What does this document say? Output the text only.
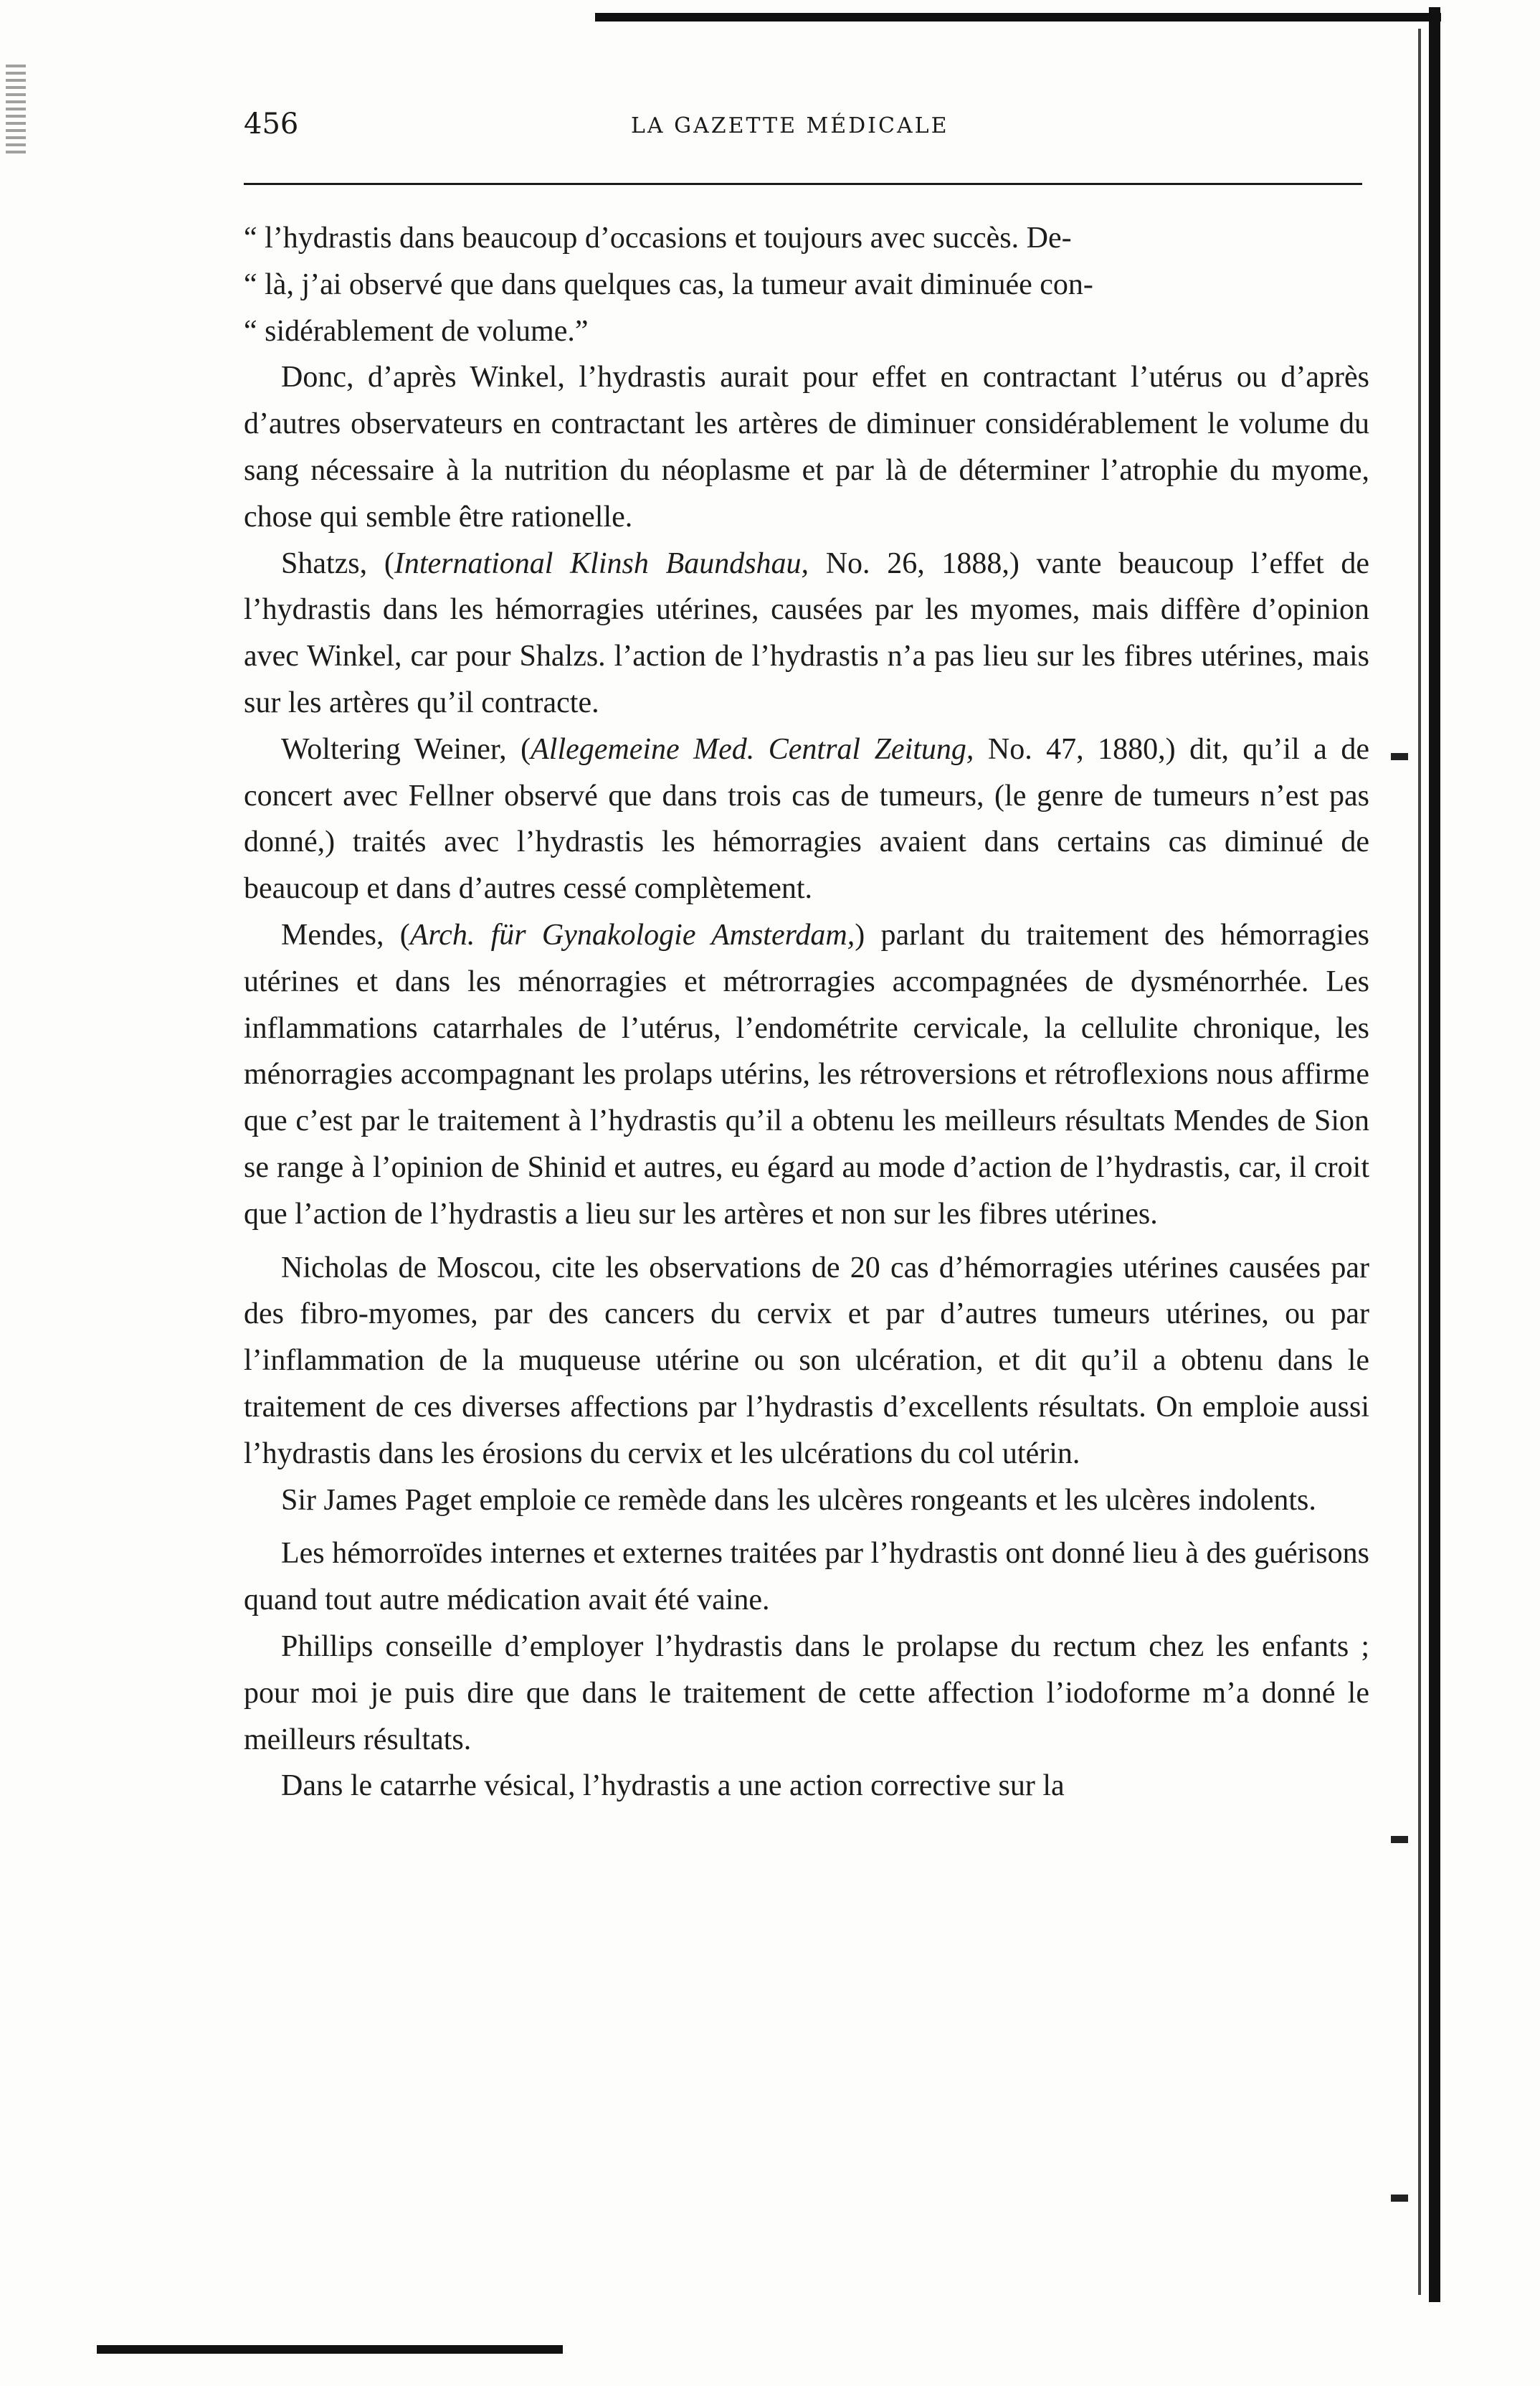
456	LA GAZETTE MÉDICALE

“ l’hydrastis dans beaucoup d’occasions et toujours avec succès. De-

“ là, j’ai observé que dans quelques cas, la tumeur avait diminuée con-

“ sidérablement de volume.”

Donc, d’après Winkel, l’hydrastis aurait pour effet en contractant l’utérus ou d’après d’autres observateurs en contractant les artères de diminuer considérablement le volume du sang nécessaire à la nutrition du néoplasme et par là de déterminer l’atrophie du myome, chose qui semble être rationelle.

Shatzs, (International Klinsh Baundshau, No. 26, 1888,) vante beaucoup l’effet de l’hydrastis dans les hémorragies utérines, causées par les myomes, mais diffère d’opinion avec Winkel, car pour Shalzs. l’action de l’hydrastis n’a pas lieu sur les fibres utérines, mais sur les artères qu’il contracte.

Woltering Weiner, (Allegemeine Med. Central Zeitung, No. 47, 1880,) dit, qu’il a de concert avec Fellner observé que dans trois cas de tumeurs, (le genre de tumeurs n’est pas donné,) traités avec l’hydrastis les hémorragies avaient dans certains cas diminué de beaucoup et dans d’autres cessé complètement.

Mendes, (Arch. für Gynakologie Amsterdam,) parlant du traitement des hémorragies utérines et dans les ménorragies et métrorragies accompagnées de dysménorrhée. Les inflammations catarrhales de l’utérus, l’endométrite cervicale, la cellulite chronique, les ménorragies accompagnant les prolaps utérins, les rétroversions et rétroflexions nous affirme que c’est par le traitement à l’hydrastis qu’il a obtenu les meilleurs résultats Mendes de Sion se range à l’opinion de Shinid et autres, eu égard au mode d’action de l’hydrastis, car, il croit que l’action de l’hydrastis a lieu sur les artères et non sur les fibres utérines.

Nicholas de Moscou, cite les observations de 20 cas d’hémorragies utérines causées par des fibro-myomes, par des cancers du cervix et par d’autres tumeurs utérines, ou par l’inflammation de la muqueuse utérine ou son ulcération, et dit qu’il a obtenu dans le traitement de ces diverses affections par l’hydrastis d’excellents résultats. On emploie aussi l’hydrastis dans les érosions du cervix et les ulcérations du col utérin.

Sir James Paget emploie ce remède dans les ulcères rongeants et les ulcères indolents.

Les hémorroïdes internes et externes traitées par l’hydrastis ont donné lieu à des guérisons quand tout autre médication avait été vaine.

Phillips conseille d’employer l’hydrastis dans le prolapse du rectum chez les enfants ; pour moi je puis dire que dans le traitement de cette affection l’iodoforme m’a donné le meilleurs résultats.

Dans le catarrhe vésical, l’hydrastis a une action corrective sur la
